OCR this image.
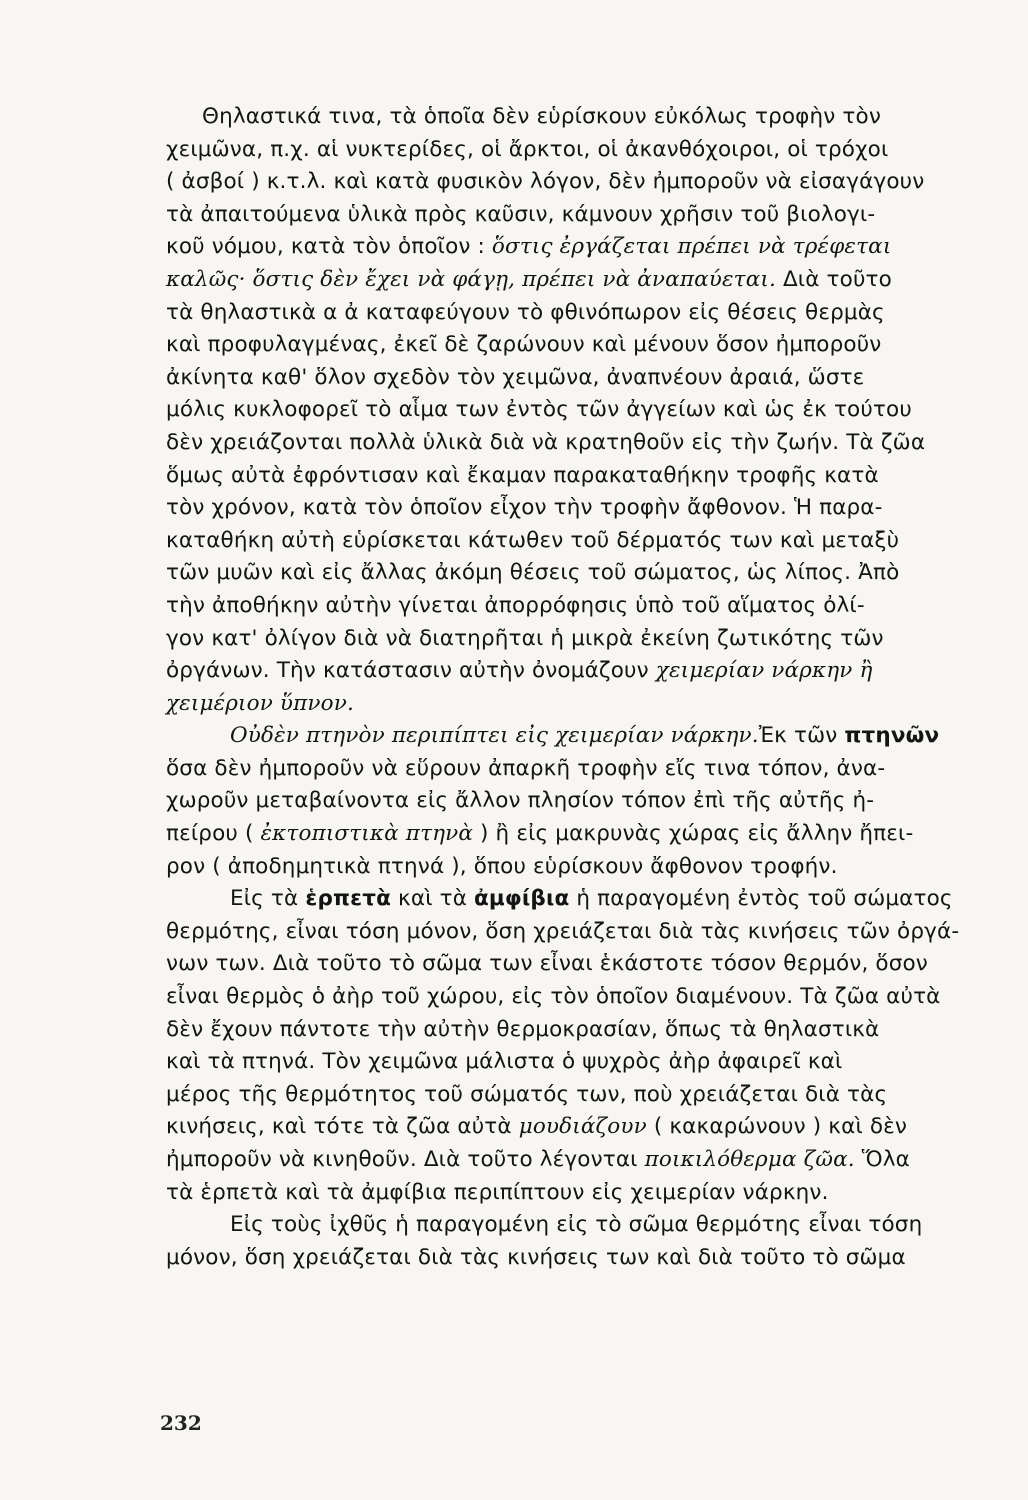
Θηλαστικά τινα, τὰ ὁποῖα δὲν εὑρίσκουν εὐκόλως τροφὴν τὸν
χειμῶνα, π.χ. αἱ νυκτερίδες, οἱ ἄρκτοι, οἱ ἀκανθόχοιροι, οἱ τρόχοι
( ἀσβοί ) κ.τ.λ. καὶ κατὰ φυσικὸν λόγον, δὲν ἠμποροῦν νὰ εἰσαγάγουν
τὰ ἀπαιτούμενα ὑλικὰ πρὸς καῦσιν, κάμνουν χρῆσιν τοῦ βιολογι-
κοῦ νόμου, κατὰ τὸν ὁποῖον : ὅστις ἐργάζεται πρέπει νὰ τρέφεται
καλῶς· ὅστις δὲν ἔχει νὰ φάγῃ, πρέπει νὰ ἀναπαύεται. Διὰ τοῦτο
τὰ θηλαστικὰ α ἀ καταφεύγουν τὸ φθινόπωρον εἰς θέσεις θερμὰς
καὶ προφυλαγμένας, ἐκεῖ δὲ ζαρώνουν καὶ μένουν ὅσον ἠμποροῦν
ἀκίνητα καθ' ὅλον σχεδὸν τὸν χειμῶνα, ἀναπνέουν ἀραιά, ὥστε
μόλις κυκλοφορεῖ τὸ αἷμα των ἐντὸς τῶν ἀγγείων καὶ ὡς ἐκ τούτου
δὲν χρειάζονται πολλὰ ὑλικὰ διὰ νὰ κρατηθοῦν εἰς τὴν ζωήν. Τὰ ζῶα
ὅμως αὐτὰ ἐφρόντισαν καὶ ἔκαμαν παρακαταθήκην τροφῆς κατὰ
τὸν χρόνον, κατὰ τὸν ὁποῖον εἶχον τὴν τροφὴν ἄφθονον. Ἡ παρα-
καταθήκη αὐτὴ εὑρίσκεται κάτωθεν τοῦ δέρματός των καὶ μεταξὺ
τῶν μυῶν καὶ εἰς ἄλλας ἀκόμη θέσεις τοῦ σώματος, ὡς λίπος. Ἀπὸ
τὴν ἀποθήκην αὐτὴν γίνεται ἀπορρόφησις ὑπὸ τοῦ αἵματος ὀλί-
γον κατ' ὀλίγον διὰ νὰ διατηρῆται ἡ μικρὰ ἐκείνη ζωτικότης τῶν
ὀργάνων. Τὴν κατάστασιν αὐτὴν ὀνομάζουν χειμερίαν νάρκην ἢ
χειμέριον ὕπνον.

Οὐδὲν πτηνὸν περιπίπτει εἰς χειμερίαν νάρκην.Ἐκ τῶν πτηνῶν
ὅσα δὲν ἠμποροῦν νὰ εὕρουν ἀπαρκῆ τροφὴν εἴς τινα τόπον, ἀνα-
χωροῦν μεταβαίνοντα εἰς ἄλλον πλησίον τόπον ἐπὶ τῆς αὐτῆς ἠ-
πείρου ( ἐκτοπιστικὰ πτηνὰ ) ἢ εἰς μακρυνὰς χώρας εἰς ἄλλην ἤπει-
ρον ( ἀποδημητικὰ πτηνά ), ὅπου εὑρίσκουν ἄφθονον τροφήν.

Εἰς τὰ ἑρπετὰ καὶ τὰ ἀμφίβια ἡ παραγομένη ἐντὸς τοῦ σώματος
θερμότης, εἶναι τόση μόνον, ὅση χρειάζεται διὰ τὰς κινήσεις τῶν ὀργά-
νων των. Διὰ τοῦτο τὸ σῶμα των εἶναι ἑκάστοτε τόσον θερμόν, ὅσον
εἶναι θερμὸς ὁ ἀὴρ τοῦ χώρου, εἰς τὸν ὁποῖον διαμένουν. Τὰ ζῶα αὐτὰ
δὲν ἔχουν πάντοτε τὴν αὐτὴν θερμοκρασίαν, ὅπως τὰ θηλαστικὰ
καὶ τὰ πτηνά. Τὸν χειμῶνα μάλιστα ὁ ψυχρὸς ἀὴρ ἀφαιρεῖ καὶ
μέρος τῆς θερμότητος τοῦ σώματός των, ποὺ χρειάζεται διὰ τὰς
κινήσεις, καὶ τότε τὰ ζῶα αὐτὰ μουδιάζουν ( κακαρώνουν ) καὶ δὲν
ἠμποροῦν νὰ κινηθοῦν. Διὰ τοῦτο λέγονται ποικιλόθερμα ζῶα. Ὅλα
τὰ ἑρπετὰ καὶ τὰ ἀμφίβια περιπίπτουν εἰς χειμερίαν νάρκην.

Εἰς τοὺς ἰχθῦς ἡ παραγομένη εἰς τὸ σῶμα θερμότης εἶναι τόση
μόνον, ὅση χρειάζεται διὰ τὰς κινήσεις των καὶ διὰ τοῦτο τὸ σῶμα

232
